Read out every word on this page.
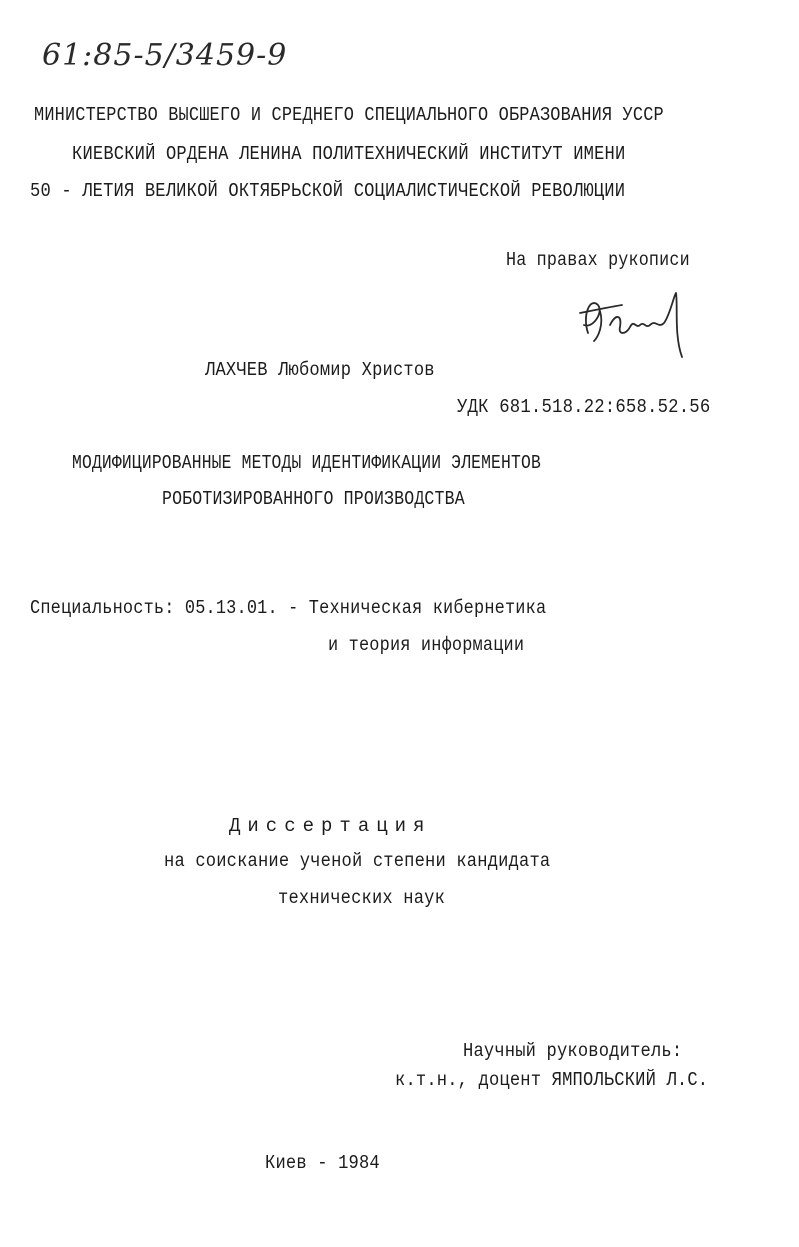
61:85-5/3459-9
МИНИСТЕРСТВО ВЫСШЕГО И СРЕДНЕГО СПЕЦИАЛЬНОГО ОБРАЗОВАНИЯ УССР
КИЕВСКИЙ ОРДЕНА ЛЕНИНА ПОЛИТЕХНИЧЕСКИЙ ИНСТИТУТ ИМЕНИ
50 - ЛЕТИЯ ВЕЛИКОЙ ОКТЯБРЬСКОЙ СОЦИАЛИСТИЧЕСКОЙ РЕВОЛЮЦИИ
На правах рукописи
ЛАХЧЕВ Любомир Христов
УДК 681.518.22:658.52.56
МОДИФИЦИРОВАННЫЕ МЕТОДЫ ИДЕНТИФИКАЦИИ ЭЛЕМЕНТОВ
РОБОТИЗИРОВАННОГО ПРОИЗВОДСТВА
Специальность: 05.13.01. - Техническая кибернетика
и теория информации
Диссертация
на соискание ученой степени кандидата
технических наук
Научный руководитель:
к.т.н., доцент ЯМПОЛЬСКИЙ Л.С.
Киев - 1984
